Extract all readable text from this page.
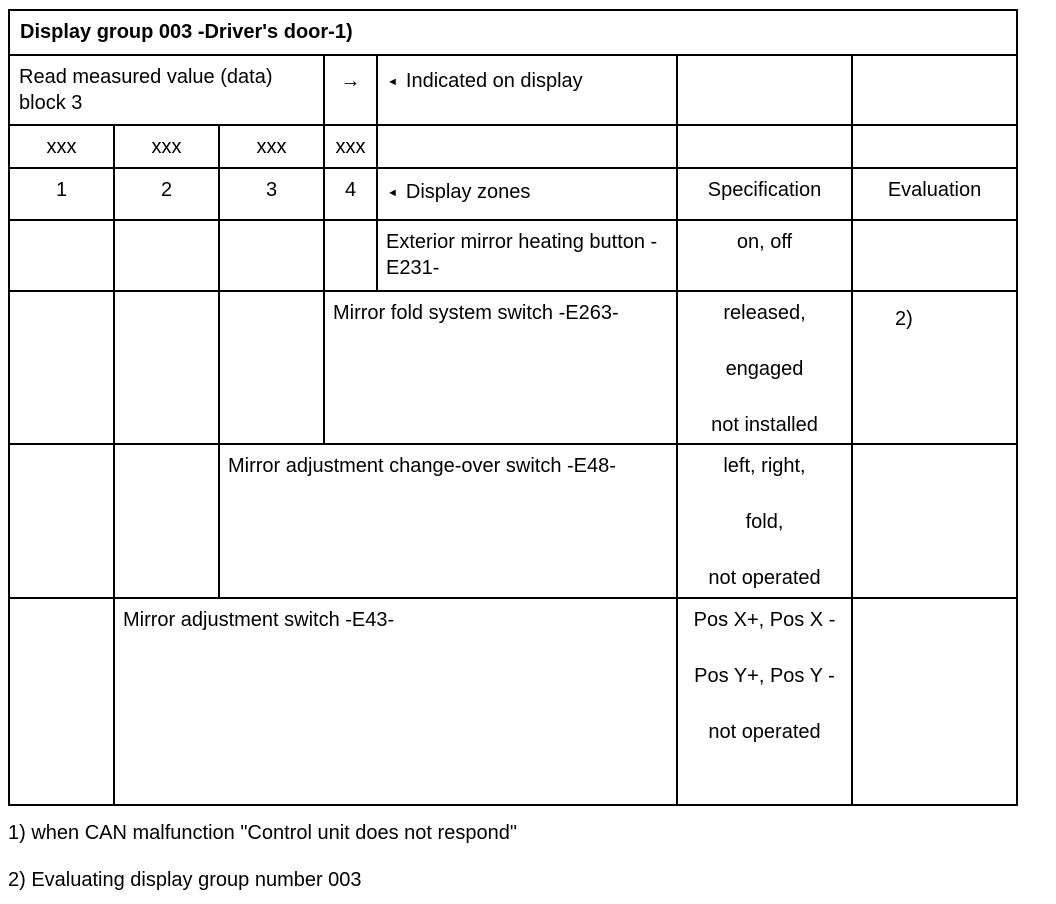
Display group 003 -Driver's door-1)						
Read measured value (data) block 3			→	◄ Indicated on display		
xxx	xxx	xxx	xxx			
1	2	3	4	◄ Display zones	Specification	Evaluation
				Exterior mirror heating button -E231-	on, off	

			Mirror fold system switch -E263-		released,
engaged
not installed	2)
		Mirror adjustment change-over switch -E48-			left, right,
fold,
not operated	

	Mirror adjustment switch -E43-				Pos X+, Pos X -
Pos Y+, Pos Y -
not operated	

1) when CAN malfunction "Control unit does not respond"
2) Evaluating display group number 003
